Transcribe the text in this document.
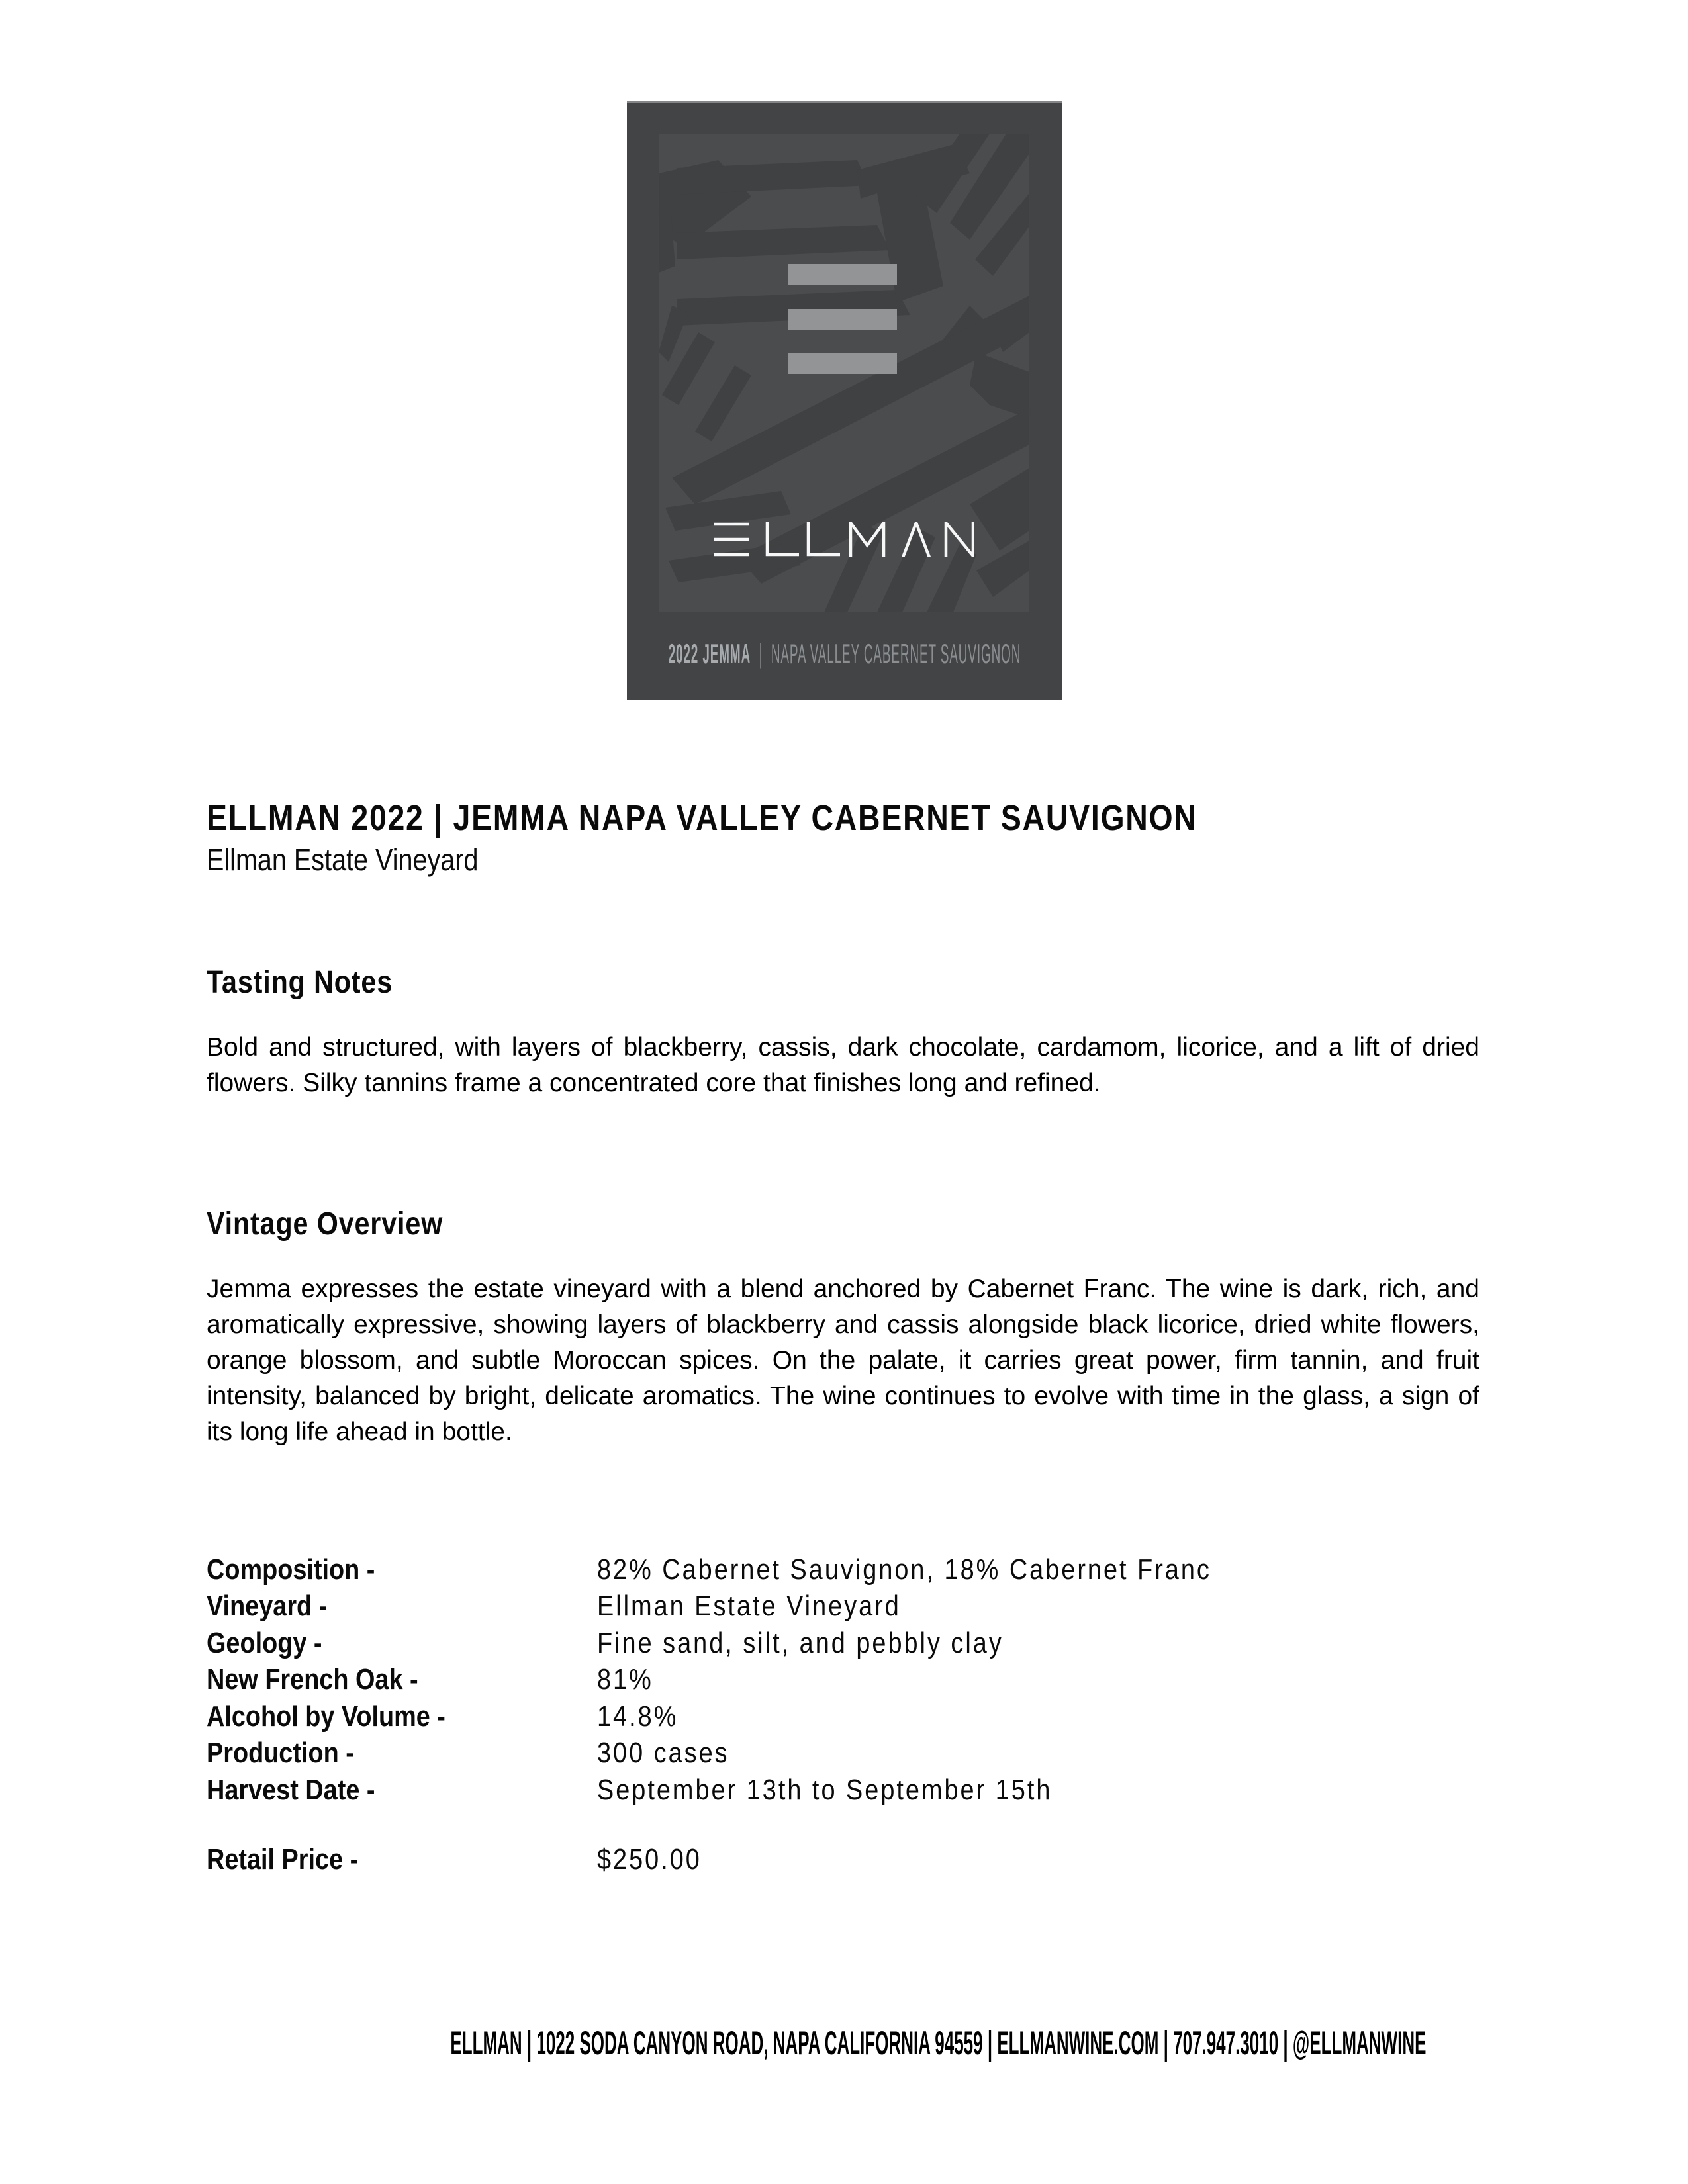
2022 JEMMA | NAPA VALLEY CABERNET SAUVIGNON
ELLMAN 2022 | JEMMA NAPA VALLEY CABERNET SAUVIGNON
Ellman Estate Vineyard
Tasting Notes

Bold and structured, with layers of blackberry, cassis, dark chocolate, cardamom, licorice, and a lift of dried flowers. Silky tannins frame a concentrated core that finishes long and refined.

Vintage Overview

Jemma expresses the estate vineyard with a blend anchored by Cabernet Franc. The wine is dark, rich, and aromatically expressive, showing layers of blackberry and cassis alongside black licorice, dried white flowers, orange blossom, and subtle Moroccan spices. On the palate, it carries great power, firm tannin, and fruit intensity, balanced by bright, delicate aromatics. The wine continues to evolve with time in the glass, a sign of its long life ahead in bottle.

Composition -	82% Cabernet Sauvignon, 18% Cabernet Franc
Vineyard -	Ellman Estate Vineyard
Geology -	Fine sand, silt, and pebbly clay
New French Oak -	81%
Alcohol by Volume -	14.8%
Production -	300 cases
Harvest Date -	September 13th to September 15th
Retail Price -	$250.00
ELLMAN | 1022 SODA CANYON ROAD, NAPA CALIFORNIA 94559 | ELLMANWINE.COM | 707.947.3010 | @ELLMANWINE
